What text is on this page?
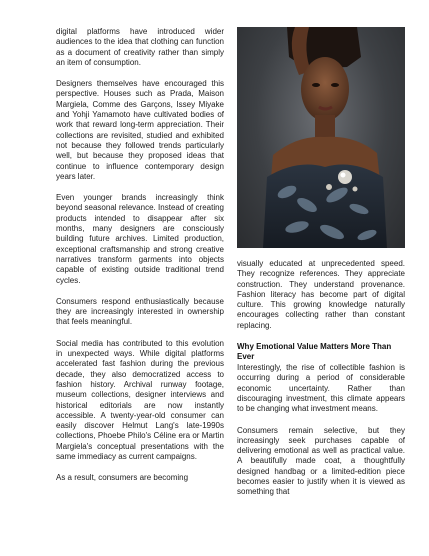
digital platforms have introduced wider audiences to the idea that clothing can function as a document of creativity rather than simply an item of consumption.

Designers themselves have encouraged this perspective. Houses such as Prada, Maison Margiela, Comme des Garçons, Issey Miyake and Yohji Yamamoto have cultivated bodies of work that reward long-term appreciation. Their collections are revisited, studied and exhibited not because they followed trends particularly well, but because they proposed ideas that continue to influence contemporary design years later.

Even younger brands increasingly think beyond seasonal relevance. Instead of creating products intended to disappear after six months, many designers are consciously building future archives. Limited production, exceptional craftsmanship and strong creative narratives transform garments into objects capable of existing outside traditional trend cycles.

Consumers respond enthusiastically because they are increasingly interested in ownership that feels meaningful.

Social media has contributed to this evolution in unexpected ways. While digital platforms accelerated fast fashion during the previous decade, they also democratized access to fashion history. Archival runway footage, museum collections, designer interviews and historical editorials are now instantly accessible. A twenty-year-old consumer can easily discover Helmut Lang's late-1990s collections, Phoebe Philo's Céline era or Martin Margiela's conceptual presentations with the same immediacy as current campaigns.

As a result, consumers are becoming

visually educated at unprecedented speed. They recognize references. They appreciate construction. They understand provenance. Fashion literacy has become part of digital culture. This growing knowledge naturally encourages collecting rather than constant replacing.

Why Emotional Value Matters More Than Ever

Interestingly, the rise of collectible fashion is occurring during a period of considerable economic uncertainty. Rather than discouraging investment, this climate appears to be changing what investment means.

Consumers remain selective, but they increasingly seek purchases capable of delivering emotional as well as practical value. A beautifully made coat, a thoughtfully designed handbag or a limited-edition piece becomes easier to justify when it is viewed as something that
